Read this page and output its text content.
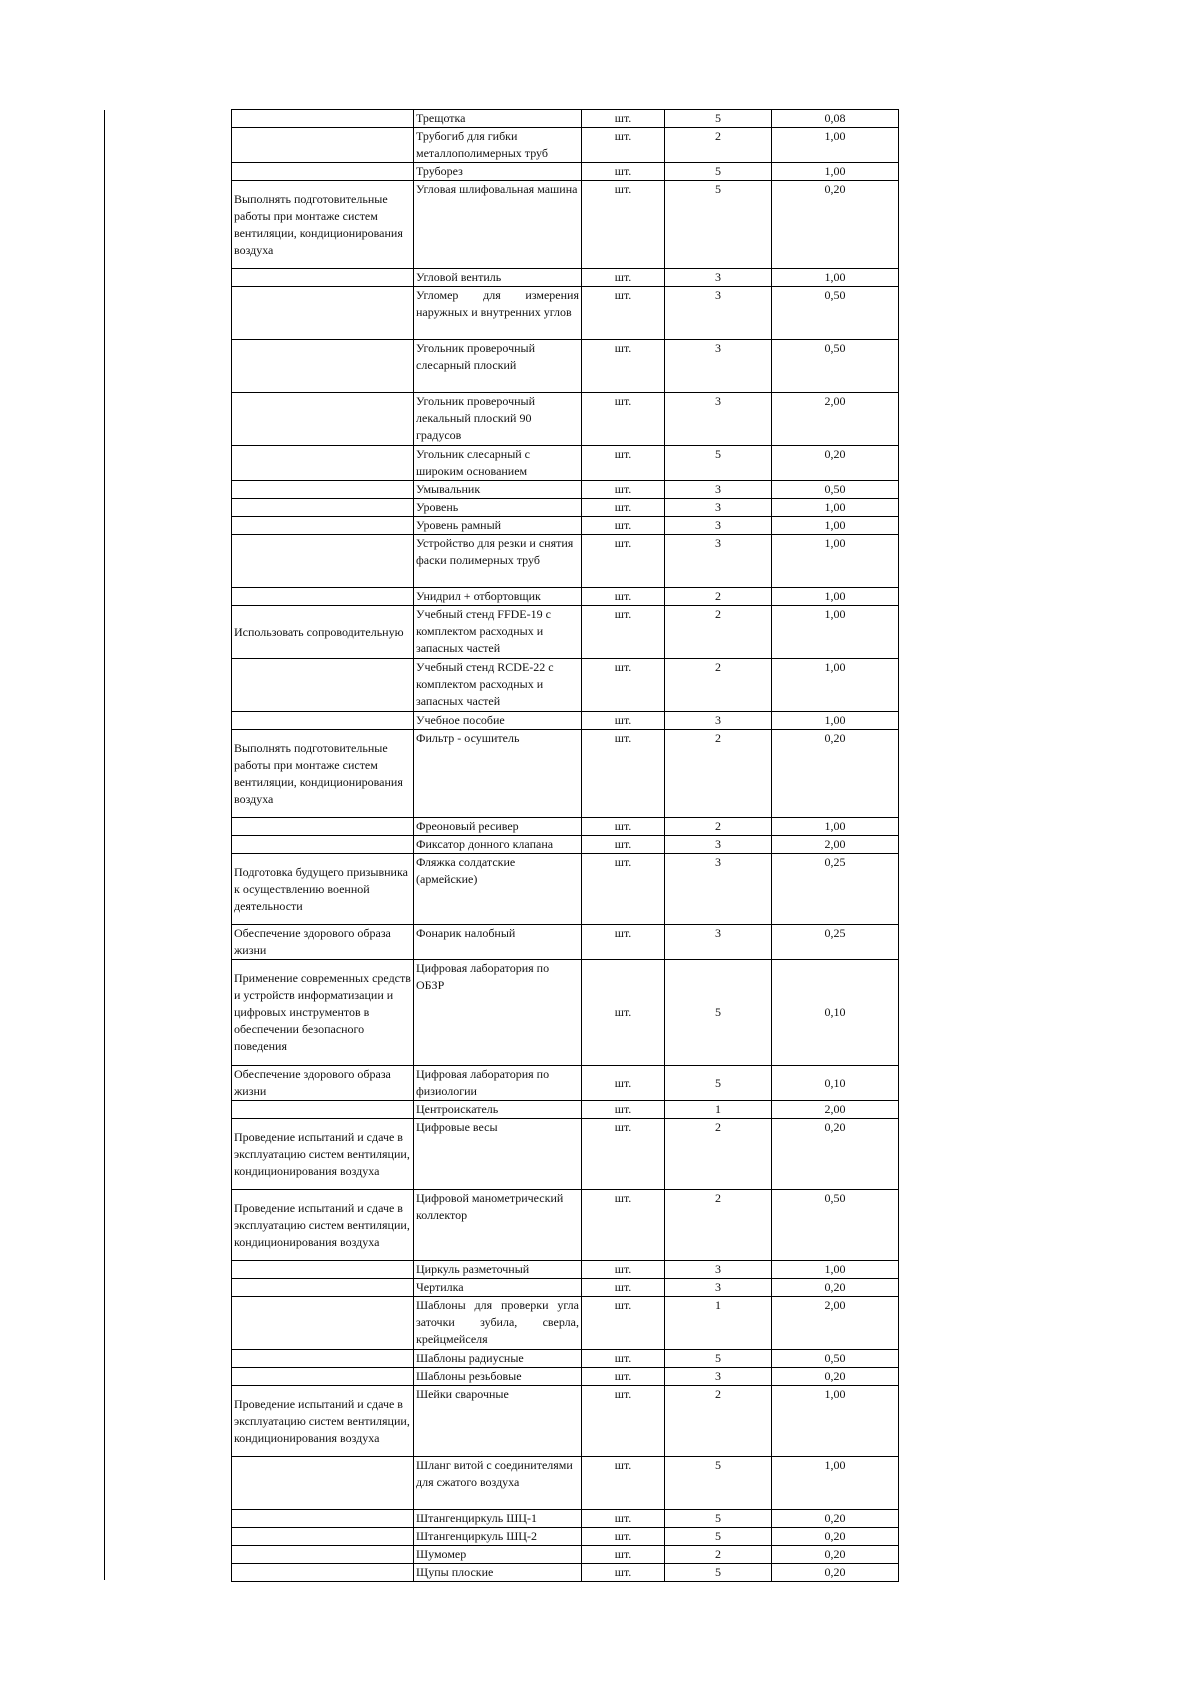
	Трещотка	шт.	5	0,08
	Трубогиб для гибки металлополимерных труб	шт.	2	1,00
	Труборез	шт.	5	1,00
Выполнять подготовительные работы при монтаже систем вентиляции, кондиционирования воздуха	Угловая шлифовальная машина	шт.	5	0,20
	Угловой вентиль	шт.	3	1,00
	Угломер для измерения наружных и внутренних углов	шт.	3	0,50
	Угольник проверочный слесарный плоский	шт.	3	0,50
	Угольник проверочный лекальный плоский 90 градусов	шт.	3	2,00
	Угольник слесарный с широким основанием	шт.	5	0,20
	Умывальник	шт.	3	0,50
	Уровень	шт.	3	1,00
	Уровень рамный	шт.	3	1,00
	Устройство для резки и снятия фаски полимерных труб	шт.	3	1,00
	Унидрил + отбортовщик	шт.	2	1,00
Использовать сопроводительную	Учебный стенд FFDE-19 с комплектом расходных и запасных частей	шт.	2	1,00
	Учебный стенд RCDE-22 с комплектом расходных и запасных частей	шт.	2	1,00
	Учебное пособие	шт.	3	1,00
Выполнять подготовительные работы при монтаже систем вентиляции, кондиционирования воздуха	Фильтр - осушитель	шт.	2	0,20
	Фреоновый ресивер	шт.	2	1,00
	Фиксатор донного клапана	шт.	3	2,00
Подготовка будущего призывника к осуществлению военной деятельности	Фляжка солдатские (армейские)	шт.	3	0,25
Обеспечение здорового образа жизни	Фонарик налобный	шт.	3	0,25
Применение современных средств и устройств информатизации и цифровых инструментов в обеспечении безопасного поведения	Цифровая лаборатория по ОБЗР	шт.	5	0,10
Обеспечение здорового образа жизни	Цифровая лаборатория по физиологии	шт.	5	0,10
	Центроискатель	шт.	1	2,00
Проведение испытаний и сдаче в эксплуатацию систем вентиляции, кондиционирования воздуха	Цифровые весы	шт.	2	0,20
Проведение испытаний и сдаче в эксплуатацию систем вентиляции, кондиционирования воздуха	Цифровой манометрический коллектор	шт.	2	0,50
	Циркуль разметочный	шт.	3	1,00
	Чертилка	шт.	3	0,20
	Шаблоны для проверки угла заточки зубила, сверла, крейцмейселя	шт.	1	2,00
	Шаблоны радиусные	шт.	5	0,50
	Шаблоны резьбовые	шт.	3	0,20
Проведение испытаний и сдаче в эксплуатацию систем вентиляции, кондиционирования воздуха	Шейки сварочные	шт.	2	1,00
	Шланг витой с соединителями для сжатого воздуха	шт.	5	1,00
	Штангенциркуль ШЦ-1	шт.	5	0,20
	Штангенциркуль ШЦ-2	шт.	5	0,20
	Шумомер	шт.	2	0,20
	Щупы плоские	шт.	5	0,20
